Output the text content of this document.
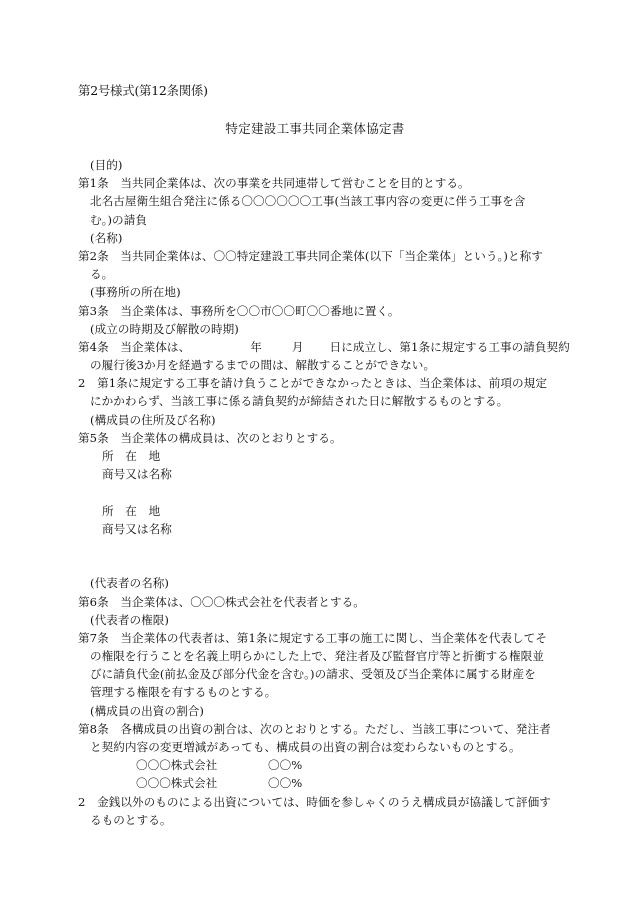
第2号様式(第12条関係)
特定建設工事共同企業体協定書
(目的)
第1条　当共同企業体は、次の事業を共同連帯して営むことを目的とする。
北名古屋衛生組合発注に係る〇〇〇〇〇〇工事(当該工事内容の変更に伴う工事を含
む。)の請負
(名称)
第2条　当共同企業体は、〇〇特定建設工事共同企業体(以下「当企業体」という。)と称す
る。
(事務所の所在地)
第3条　当企業体は、事務所を〇〇市〇〇町〇〇番地に置く。
(成立の時期及び解散の時期)
第4条　当企業体は、	年	月 日に成立し、第1条に規定する工事の請負契約
の履行後3か月を経過するまでの間は、解散することができない。
2　第1条に規定する工事を請け負うことができなかったときは、当企業体は、前項の規定
にかかわらず、当該工事に係る請負契約が締結された日に解散するものとする。
(構成員の住所及び名称)
第5条　当企業体の構成員は、次のとおりとする。
所　在　地
商号又は名称
所　在　地
商号又は名称
(代表者の名称)
第6条　当企業体は、〇〇〇株式会社を代表者とする。
(代表者の権限)
第7条　当企業体の代表者は、第1条に規定する工事の施工に関し、当企業体を代表してそ
の権限を行うことを名義上明らかにした上で、発注者及び監督官庁等と折衝する権限並
びに請負代金(前払金及び部分代金を含む。)の請求、受領及び当企業体に属する財産を
管理する権限を有するものとする。
(構成員の出資の割合)
第8条　各構成員の出資の割合は、次のとおりとする。ただし、当該工事について、発注者
と契約内容の変更増減があっても、構成員の出資の割合は変わらないものとする。
〇〇〇株式会社	〇〇%
〇〇〇株式会社	〇〇%
2　金銭以外のものによる出資については、時価を参しゃくのうえ構成員が協議して評価す
るものとする。
